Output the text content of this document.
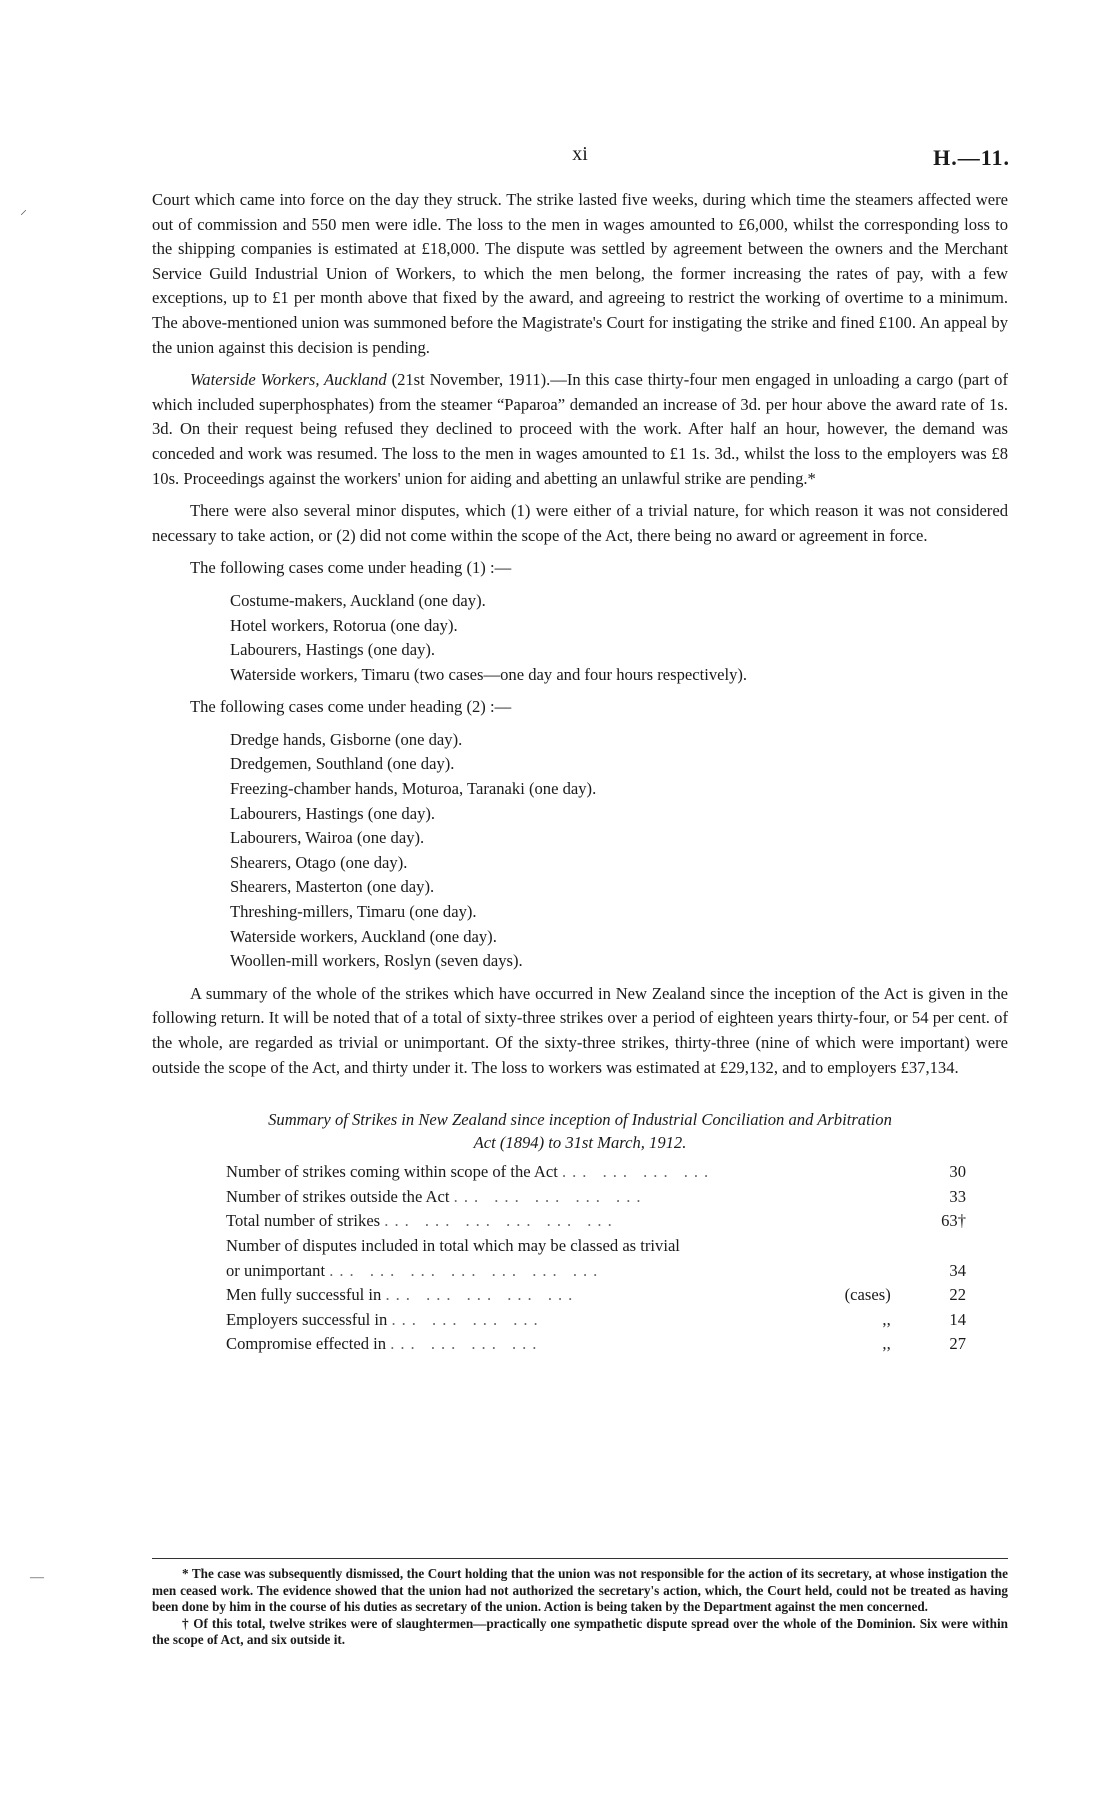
xi	H.—11.
⸝
—

Court which came into force on the day they struck. The strike lasted five weeks, during which time the steamers affected were out of commission and 550 men were idle. The loss to the men in wages amounted to £6,000, whilst the corresponding loss to the shipping companies is estimated at £18,000. The dispute was settled by agreement between the owners and the Merchant Service Guild Industrial Union of Workers, to which the men belong, the former increasing the rates of pay, with a few exceptions, up to £1 per month above that fixed by the award, and agreeing to restrict the working of overtime to a minimum. The above-mentioned union was summoned before the Magistrate's Court for instigating the strike and fined £100. An appeal by the union against this decision is pending.

Waterside Workers, Auckland (21st November, 1911).—In this case thirty-four men engaged in unloading a cargo (part of which included superphosphates) from the steamer “Paparoa” demanded an increase of 3d. per hour above the award rate of 1s. 3d. On their request being refused they declined to proceed with the work. After half an hour, however, the demand was conceded and work was resumed. The loss to the men in wages amounted to £1 1s. 3d., whilst the loss to the employers was £8 10s. Proceedings against the workers' union for aiding and abetting an unlawful strike are pending.*

There were also several minor disputes, which (1) were either of a trivial nature, for which reason it was not considered necessary to take action, or (2) did not come within the scope of the Act, there being no award or agreement in force.

The following cases come under heading (1) :—

Costume-makers, Auckland (one day).
Hotel workers, Rotorua (one day).
Labourers, Hastings (one day).
Waterside workers, Timaru (two cases—one day and four hours respectively).

The following cases come under heading (2) :—

Dredge hands, Gisborne (one day).
Dredgemen, Southland (one day).
Freezing-chamber hands, Moturoa, Taranaki (one day).
Labourers, Hastings (one day).
Labourers, Wairoa (one day).
Shearers, Otago (one day).
Shearers, Masterton (one day).
Threshing-millers, Timaru (one day).
Waterside workers, Auckland (one day).
Woollen-mill workers, Roslyn (seven days).

A summary of the whole of the strikes which have occurred in New Zealand since the inception of the Act is given in the following return. It will be noted that of a total of sixty-three strikes over a period of eighteen years thirty-four, or 54 per cent. of the whole, are regarded as trivial or unimportant. Of the sixty-three strikes, thirty-three (nine of which were important) were outside the scope of the Act, and thirty under it. The loss to workers was estimated at £29,132, and to employers £37,134.

Summary of Strikes in New Zealand since inception of Industrial Conciliation and Arbitration
Act (1894) to 31st March, 1912.
Number of strikes coming within scope of the Act ... ... ... ...		30
Number of strikes outside the Act ... ... ... ... ...		33
Total number of strikes ... ... ... ... ... ...		63†
Number of disputes included in total which may be classed as trivial		
or unimportant ... ... ... ... ... ... ...		34
Men fully successful in ... ... ... ... ...	(cases)	22
Employers successful in ... ... ... ...	,,	14
Compromise effected in ... ... ... ...	,,	27

* The case was subsequently dismissed, the Court holding that the union was not responsible for the action of its secretary, at whose instigation the men ceased work. The evidence showed that the union had not authorized the secretary's action, which, the Court held, could not be treated as having been done by him in the course of his duties as secretary of the union. Action is being taken by the Department against the men concerned.

† Of this total, twelve strikes were of slaughtermen—practically one sympathetic dispute spread over the whole of the Dominion. Six were within the scope of Act, and six outside it.
